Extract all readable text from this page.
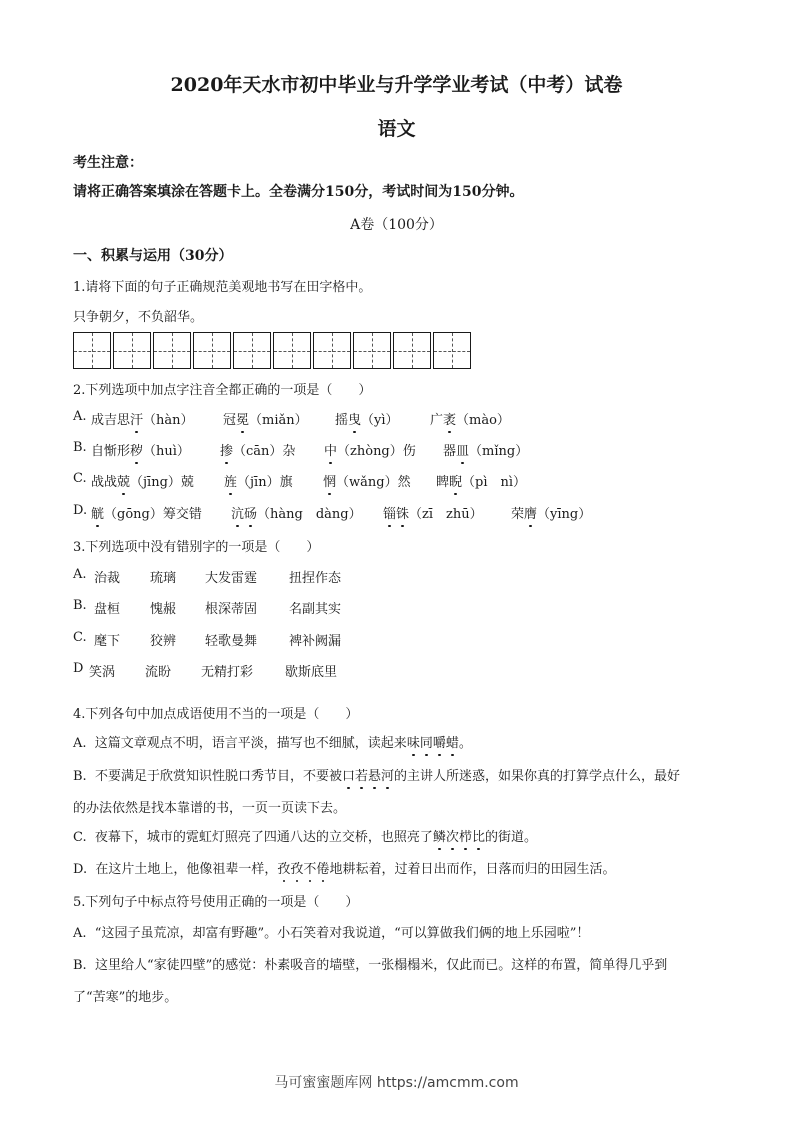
2020年天水市初中毕业与升学学业考试（中考）试卷
语文
考生注意：
请将正确答案填涂在答题卡上。全卷满分150分，考试时间为150分钟。
A卷（100分）
一、积累与运用（30分）
1.请将下面的句子正确规范美观地书写在田字格中。
只争朝夕，不负韶华。
2.下列选项中加点字注音全都正确的一项是（　　）
A. 成吉思汗（hàn） 冠冕（miǎn） 摇曳（yì） 广袤（mào）
B. 自惭形秽（huì） 掺（cān）杂 中（zhòng）伤 器皿（mǐng）
C. 战战兢（jīng）兢 旌（jīn）旗 惘（wǎng）然 睥睨（pì　nì）
D. 觥（gōng）筹交错 沆砀（hàng　dàng） 锱铢（zī　zhū） 荣膺（yīng）
3.下列选项中没有错别字的一项是（　　）
A. 治裁 琉璃 大发雷霆 扭捏作态
B. 盘桓 愧赧 根深蒂固 名副其实
C. 麾下 狡辨 轻歌曼舞 裨补阙漏
D 笑涡 流盼 无精打彩 歇斯底里
4.下列各句中加点成语使用不当的一项是（　　）
A. 这篇文章观点不明，语言平淡，描写也不细腻，读起来味同嚼蜡。
B. 不要满足于欣赏知识性脱口秀节目，不要被口若悬河的主讲人所迷惑，如果你真的打算学点什么，最好
的办法依然是找本靠谱的书，一页一页读下去。
C. 夜幕下，城市的霓虹灯照亮了四通八达的立交桥，也照亮了鳞次栉比的街道。
D. 在这片土地上，他像祖辈一样，孜孜不倦地耕耘着，过着日出而作，日落而归的田园生活。
5.下列句子中标点符号使用正确的一项是（　　）
A. “这园子虽荒凉，却富有野趣”。小石笑着对我说道，“可以算做我们俩的地上乐园啦”！
B. 这里给人“家徒四壁”的感觉：朴素吸音的墙壁，一张榻榻米，仅此而已。这样的布置，简单得几乎到
了“苦寒”的地步。
马可蜜蜜题库网 https://amcmm.com
